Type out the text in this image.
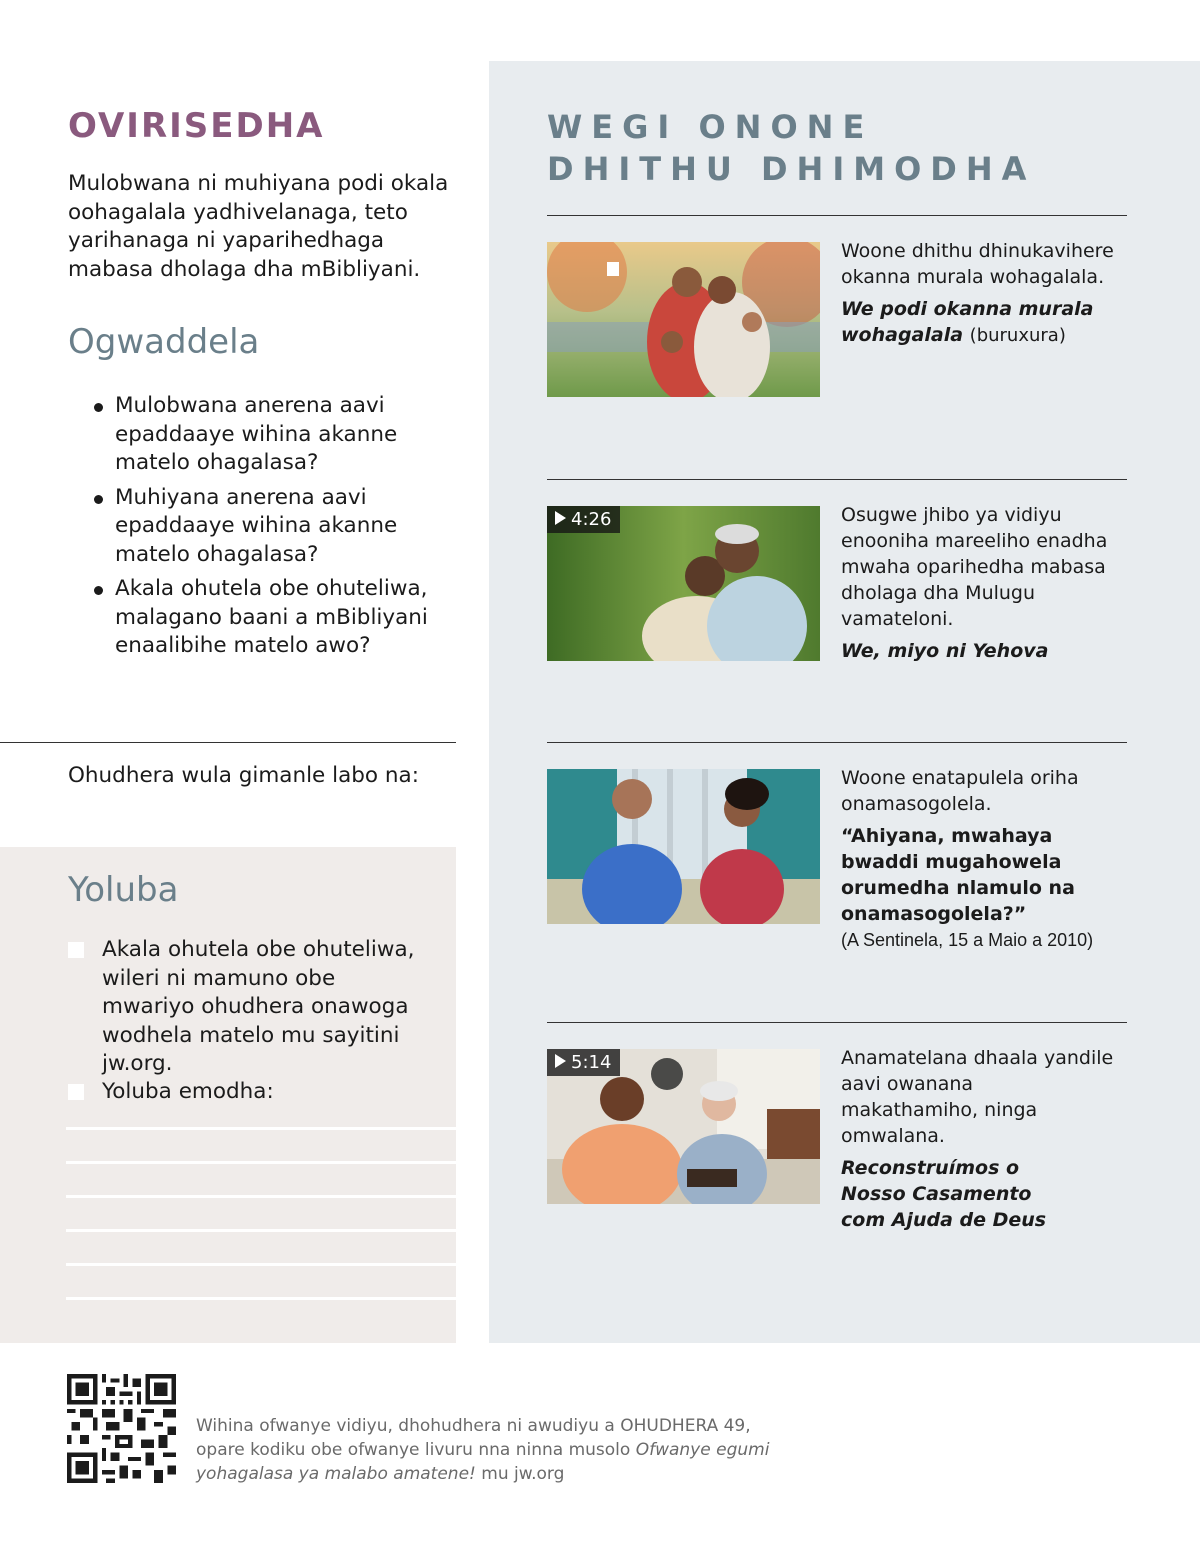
OVIRISEDHA

Mulobwana ni muhiyana podi okala oohagalala yadhivelanaga, teto yarihanaga ni yaparihedhaga mabasa dholaga dha mBibliyani.

Ogwaddela
Mulobwana anerena aavi epaddaaye wihina akanne matelo ohagalasa?
Muhiyana anerena aavi epaddaaye wihina akanne matelo ohagalasa?
Akala ohutela obe ohuteliwa, malagano baani a mBibliyani enaalibihe matelo awo?

Ohudhera wula gimanle labo na:

Yoluba
Akala ohutela obe ohuteliwa, wileri ni mamuno obe mwariyo ohudhera onawoga wodhela matelo mu sayitini jw.org.
Yoluba emodha:
WEGI ONONE
DHITHU DHIMODHA

Woone dhithu dhinukavihere okanna murala wohagalala.

We podi okanna murala wohagalala (buruxura)

4:26	Osugwe jhibo ya vidiyu enooniha mareeliho enadha mwaha oparihedha mabasa dholaga dha Mulugu vamateloni.

We, miyo ni Yehova

Woone enatapulela oriha onamasogolela.

“Ahiyana, mwahaya bwaddi mugahowela orumedha nlamulo na onamasogolela?”

(A Sentinela, 15 a Maio a 2010)

5:14	Anamatelana dhaala yandile aavi owanana makathamiho, ninga omwalana.

Reconstruímos o Nosso Casamento com Ajuda de Deus

Wihina ofwanye vidiyu, dhohudhera ni awudiyu a OHUDHERA 49, opare kodiku obe ofwanye livuru nna ninna musolo Ofwanye egumi yohagalasa ya malabo amatene! mu jw.org
